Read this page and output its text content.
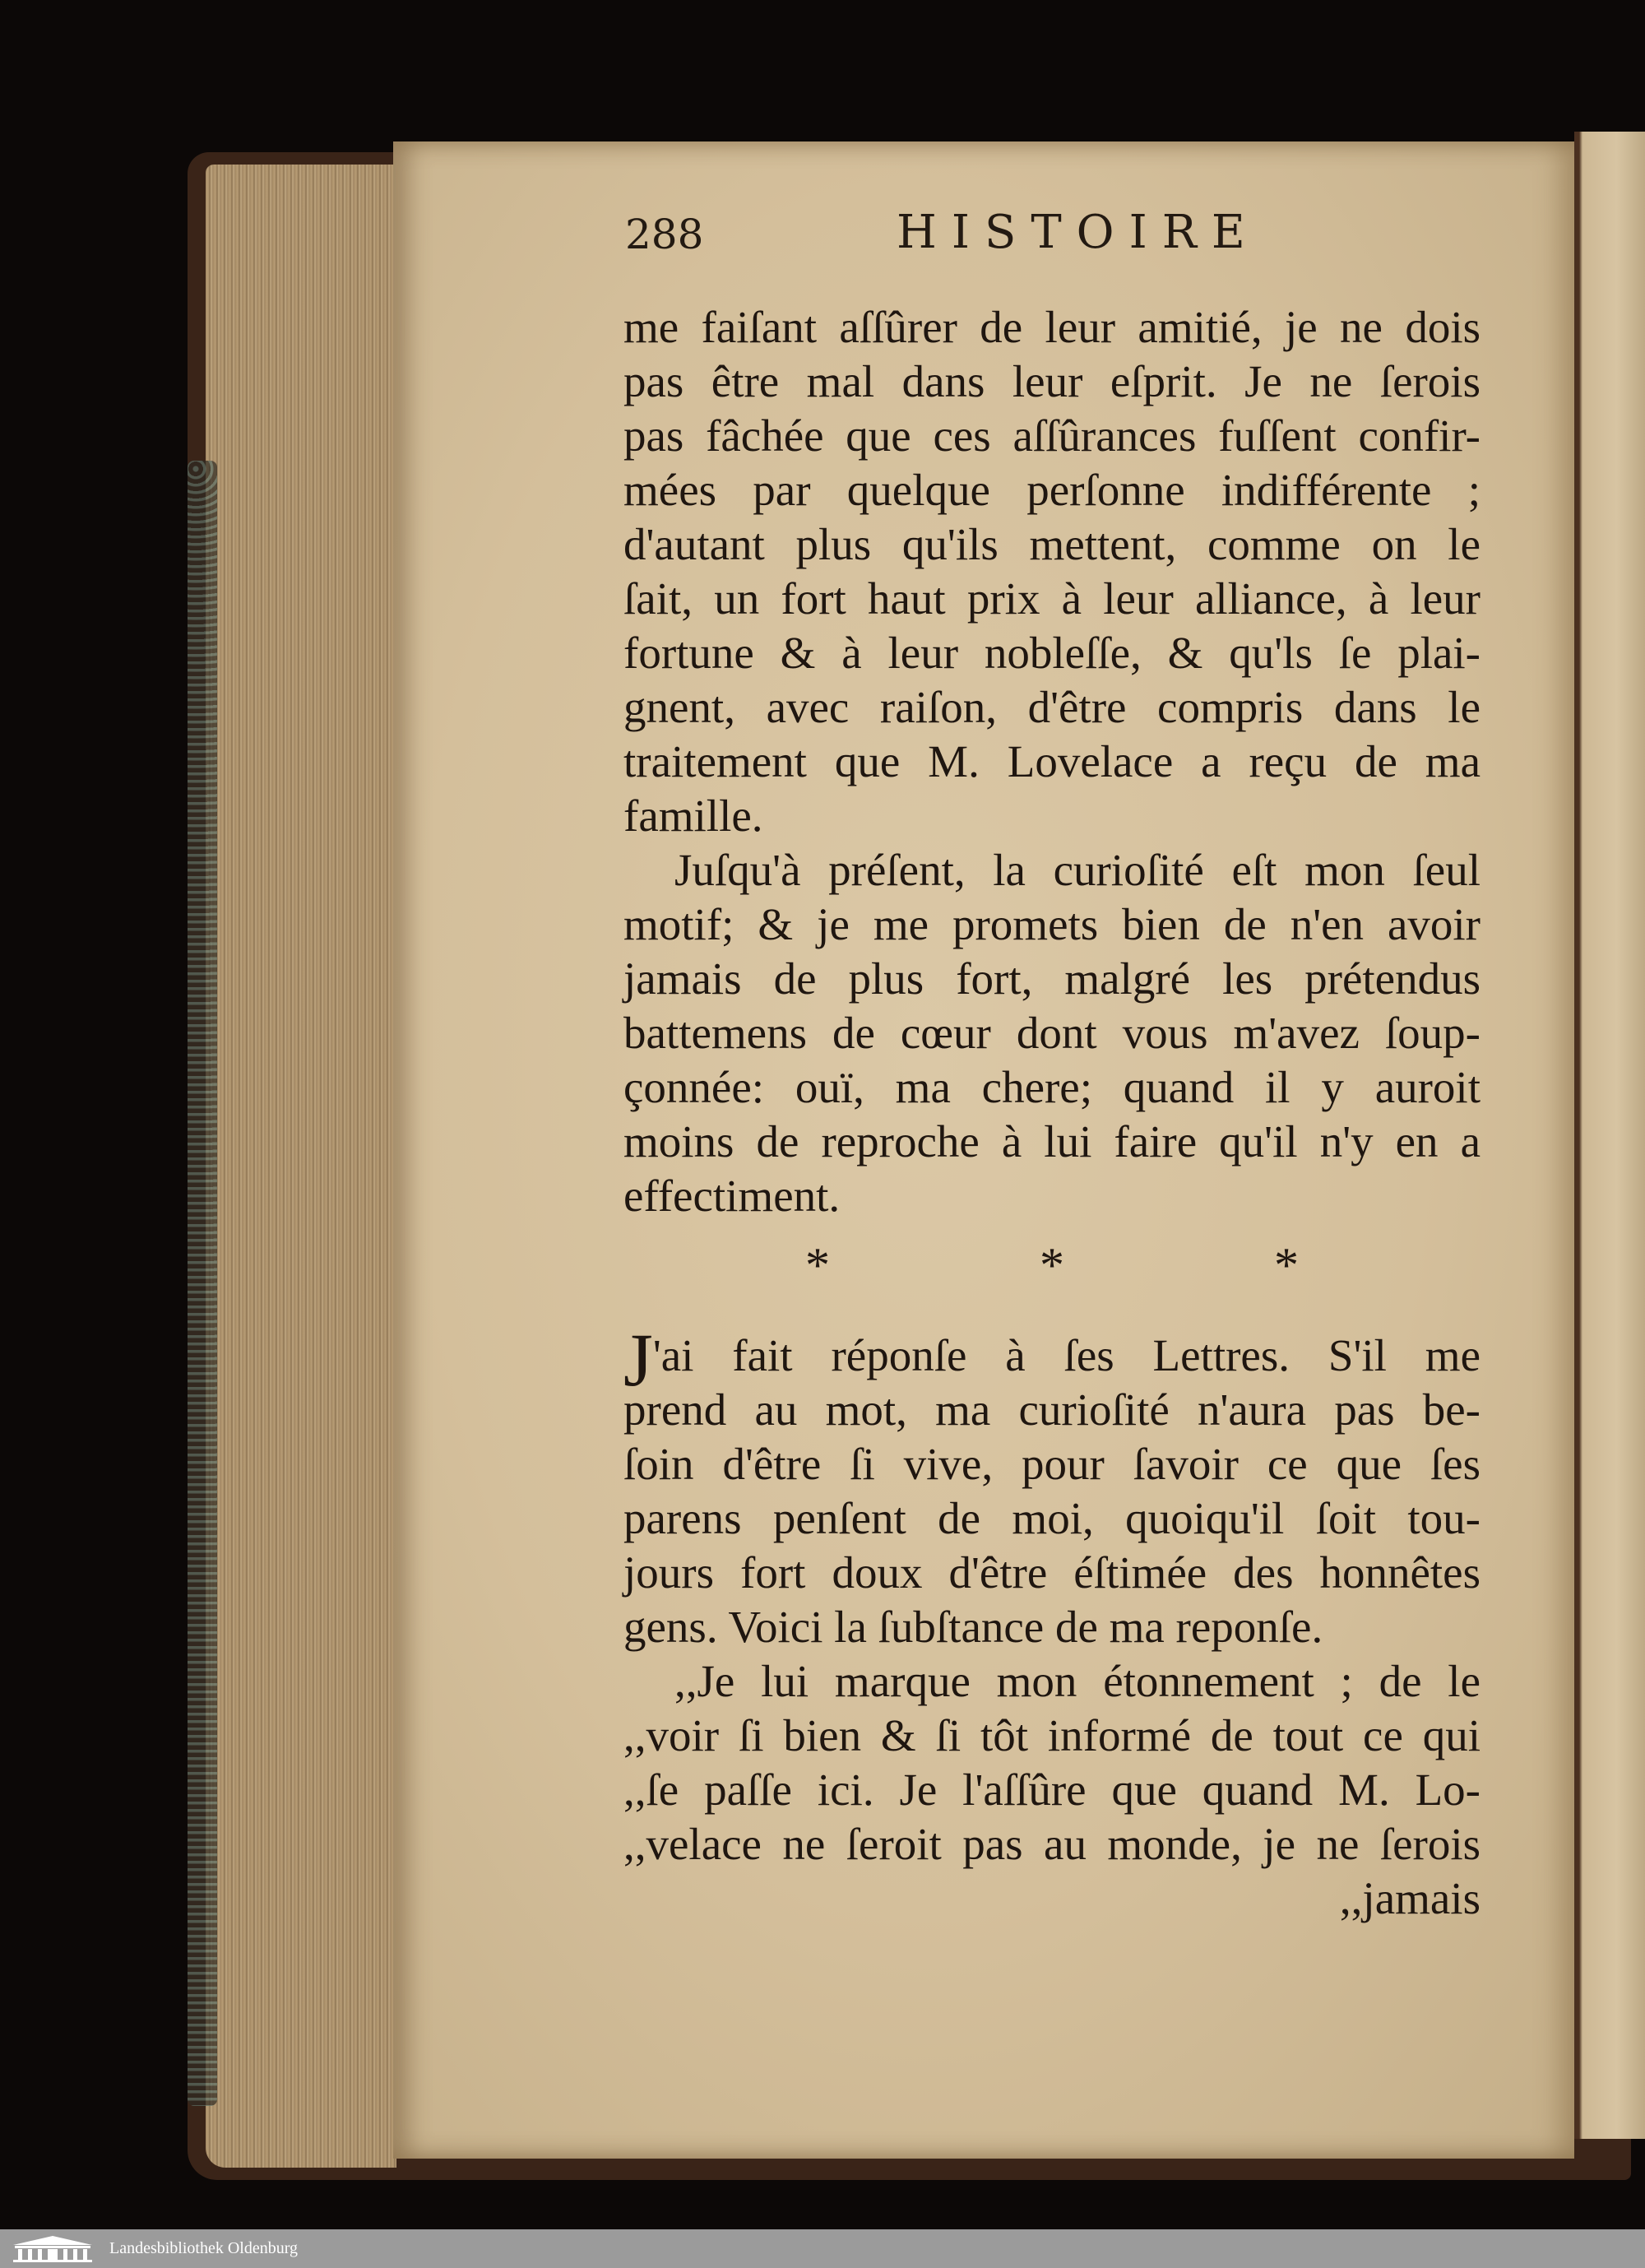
288	HISTOIRE
me faiſant aſſûrer de leur amitié, je ne dois
pas être mal dans leur eſprit. Je ne ſerois
pas fâchée que ces aſſûrances fuſſent confir-
mées par quelque perſonne indifférente ;
d'autant plus qu'ils mettent, comme on le
ſait, un fort haut prix à leur alliance, à leur
fortune & à leur nobleſſe, & qu'ls ſe plai-
gnent, avec raiſon, d'être compris dans le
traitement que M. Lovelace a reçu de ma
famille.
Juſqu'à préſent, la curioſité eſt mon ſeul
motif; & je me promets bien de n'en avoir
jamais de plus fort, malgré les prétendus
battemens de cœur dont vous m'avez ſoup-
çonnée: ouï, ma chere; quand il y auroit
moins de reproche à lui faire qu'il n'y en a
effectiment.
* * *
J'ai fait réponſe à ſes Lettres. S'il me
prend au mot, ma curioſité n'aura pas be-
ſoin d'être ſi vive, pour ſavoir ce que ſes
parens penſent de moi, quoiqu'il ſoit tou-
jours fort doux d'être éſtimée des honnêtes
gens. Voici la ſubſtance de ma reponſe.
,,Je lui marque mon étonnement ; de le
,,voir ſi bien & ſi tôt informé de tout ce qui
,,ſe paſſe ici. Je l'aſſûre que quand M. Lo-
,,velace ne ſeroit pas au monde, je ne ſerois
,,jamais
Landesbibliothek Oldenburg
